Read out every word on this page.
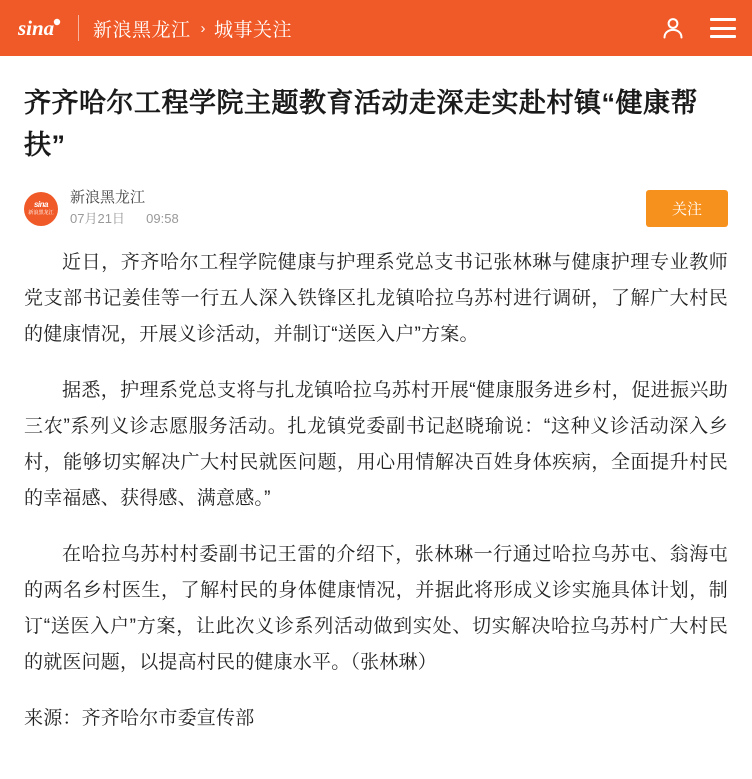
sina 新浪黑龙江 › 城事关注
齐齐哈尔工程学院主题教育活动走深走实赴村镇“健康帮扶”
sina
新浪黑龙江
新浪黑龙江
07月21日 09:58
关注

近日，齐齐哈尔工程学院健康与护理系党总支书记张林琳与健康护理专业教师党支部书记姜佳等一行五人深入铁锋区扎龙镇哈拉乌苏村进行调研，了解广大村民的健康情况，开展义诊活动，并制订“送医入户”方案。

据悉，护理系党总支将与扎龙镇哈拉乌苏村开展“健康服务进乡村，促进振兴助三农”系列义诊志愿服务活动。扎龙镇党委副书记赵晓瑜说：“这种义诊活动深入乡村，能够切实解决广大村民就医问题，用心用情解决百姓身体疾病，全面提升村民的幸福感、获得感、满意感。”

在哈拉乌苏村村委副书记王雷的介绍下，张林琳一行通过哈拉乌苏屯、翁海屯的两名乡村医生，了解村民的身体健康情况，并据此将形成义诊实施具体计划，制订“送医入户”方案，让此次义诊系列活动做到实处、切实解决哈拉乌苏村广大村民的就医问题，以提高村民的健康水平。（张林琳）

来源：齐齐哈尔市委宣传部
